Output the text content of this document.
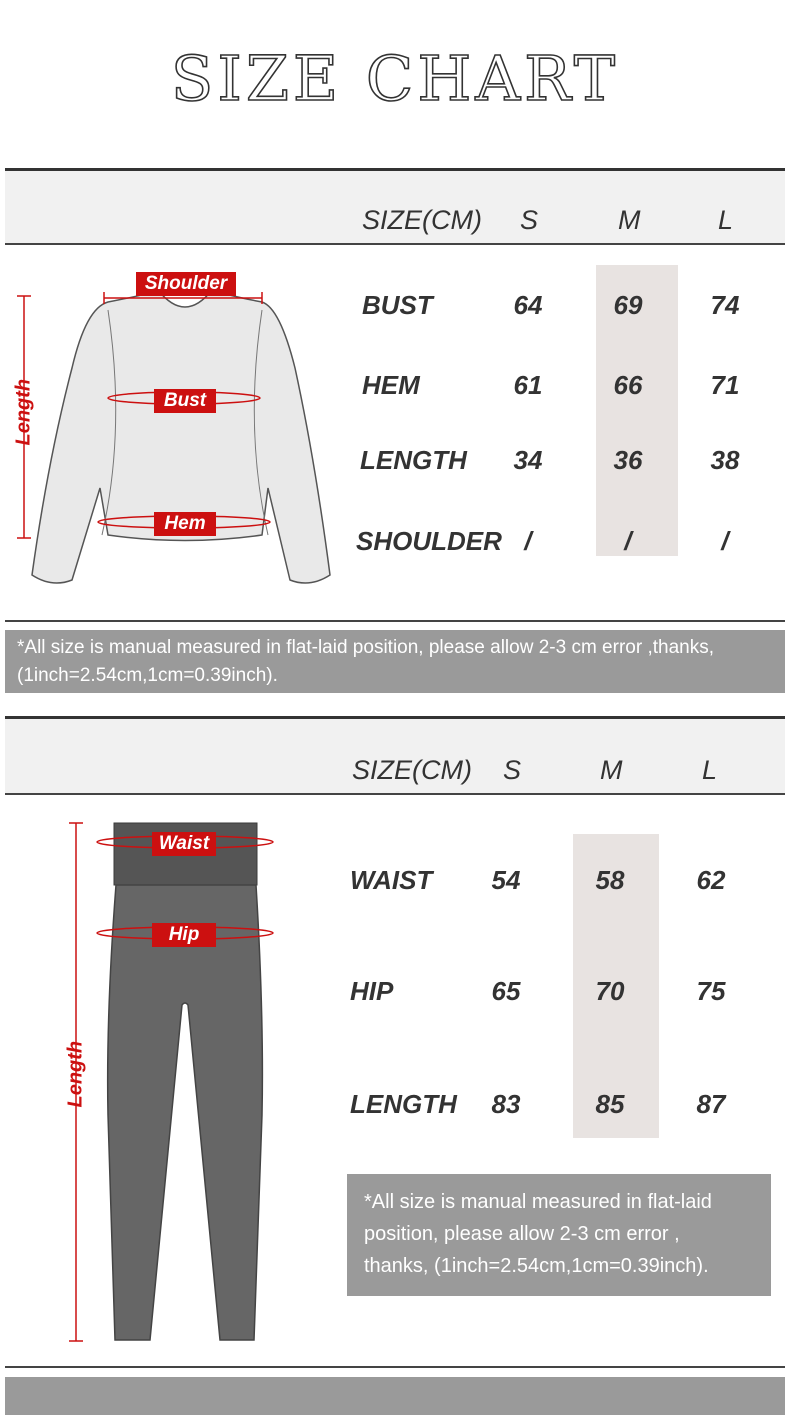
SIZE CHART
SIZE(CM) S	M	L
BUST	64	69	74
HEM	61	66	71
LENGTH	34	36	38
SHOULDER /	/	/
Shoulder
Bust
Hem
Length
*All size is manual measured in flat-laid position, please allow 2-3 cm error ,thanks,
(1inch=2.54cm,1cm=0.39inch).
SIZE(CM) S	M	L
WAIST	54	58	62
HIP	65	70	75
LENGTH	83	85	87
Waist
Hip
Length
*All size is manual measured in flat-laid
position, please allow 2-3 cm error ,
thanks, (1inch=2.54cm,1cm=0.39inch).
